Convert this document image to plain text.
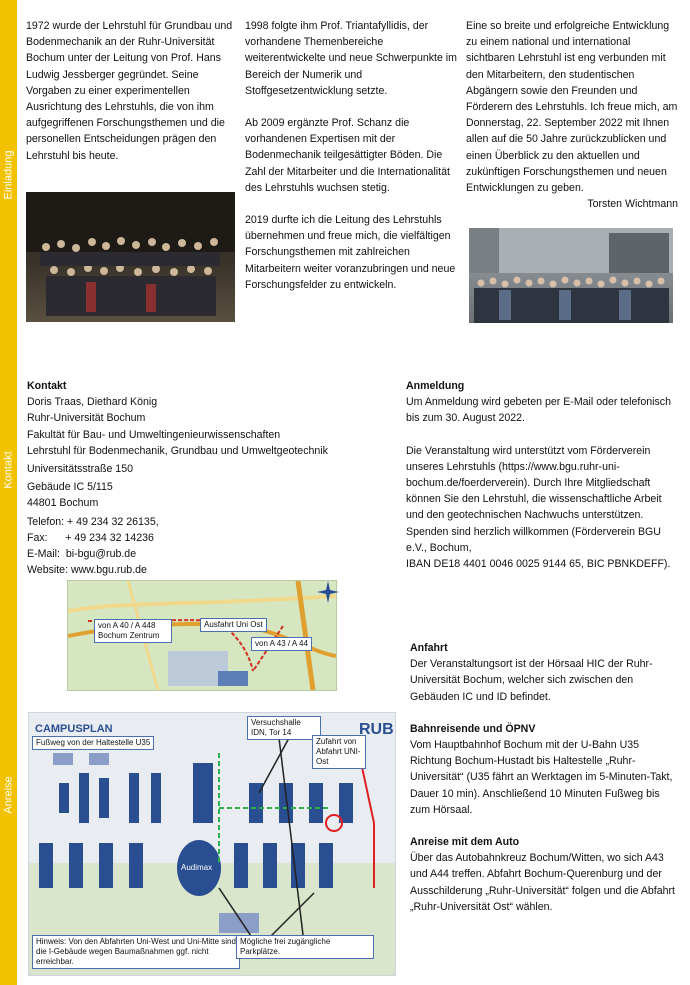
Einladung
Kontakt
Anreise

1972 wurde der Lehrstuhl für Grundbau und Bodenmechanik an der Ruhr-Universität Bochum unter der Leitung von Prof. Hans Ludwig Jessberger gegründet. Seine Vorgaben zu einer experimentellen Ausrichtung des Lehrstuhls, die von ihm aufgegriffenen Forschungsthemen und die personellen Entscheidungen prägen den Lehrstuhl bis heute.

1998 folgte ihm Prof. Triantafyllidis, der vorhandene Themenbereiche weiterentwickelte und neue Schwerpunkte im Bereich der Numerik und Stoffgesetzentwicklung setzte.

Ab 2009 ergänzte Prof. Schanz die vorhandenen Expertisen mit der Bodenmechanik teilgesättigter Böden. Die Zahl der Mitarbeiter und die Internationalität des Lehrstuhls wuchsen stetig.

2019 durfte ich die Leitung des Lehrstuhls übernehmen und freue mich, die vielfältigen Forschungsthemen mit zahlreichen Mitarbeitern weiter voranzubringen und neue Forschungsfelder zu entwickeln.

Eine so breite und erfolgreiche Entwicklung zu einem national und international sichtbaren Lehrstuhl ist eng verbunden mit den Mitarbeitern, den studentischen Abgängern sowie den Freunden und Förderern des Lehrstuhls. Ich freue mich, am Donnerstag, 22. September 2022 mit Ihnen allen auf die 50 Jahre zurückzublicken und einen Überblick zu den aktuellen und zukünftigen Forschungsthemen und neuen Entwicklungen zu geben.
Torsten Wichtmann
Kontakt
Doris Traas, Diethard König
Ruhr-Universität Bochum
Fakultät für Bau- und Umweltingenieurwissenschaften
Lehrstuhl für Bodenmechanik, Grundbau und Umweltgeotechnik
Universitätsstraße 150
Gebäude IC 5/115
44801 Bochum
Telefon: + 49 234 32 26135,
Fax:      + 49 234 32 14236
E-Mail:  bi-bgu@rub.de
Website: www.bgu.rub.de
Anmeldung

Um Anmeldung wird gebeten per E-Mail oder telefonisch bis zum 30. August 2022.

Die Veranstaltung wird unterstützt vom Förderverein unseres Lehrstuhls (https://www.bgu.ruhr-uni-bochum.de/foerderverein). Durch Ihre Mitgliedschaft können Sie den Lehrstuhl, die wissenschaftliche Arbeit und den geotechnischen Nachwuchs unterstützen. Spenden sind herzlich willkommen (Förderverein BGU e.V., Bochum,
IBAN DE18 4401 0046 0025 9144 65, BIC PBNKDEFF).
von A 40 / A 448 Bochum Zentrum
Ausfahrt Uni Ost
von A 43 / A 44
CAMPUSPLAN
Fußweg von der Haltestelle U35
Versuchshalle IDN, Tor 14
Zufahrt von Abfahrt UNI-Ost
RUB
Audimax
Hinweis: Von den Abfahrten Uni-West und Uni-Mitte sind die I-Gebäude wegen Baumaßnahmen ggf. nicht erreichbar.
Mögliche frei zugängliche Parkplätze.
Anfahrt

Der Veranstaltungsort ist der Hörsaal HIC der Ruhr-Universität Bochum, welcher sich zwischen den Gebäuden IC und ID befindet.

Bahnreisende und ÖPNV

Vom Hauptbahnhof Bochum mit der U-Bahn U35 Richtung Bochum-Hustadt bis Haltestelle „Ruhr-Universität“ (U35 fährt an Werktagen im 5-Minuten-Takt, Dauer 10 min). Anschließend 10 Minuten Fußweg bis zum Hörsaal.

Anreise mit dem Auto
Über das Autobahnkreuz Bochum/Witten, wo sich A43 und A44 treffen. Abfahrt Bochum-Querenburg und der Ausschilderung „Ruhr-Universität“ folgen und die Abfahrt „Ruhr-Universität Ost“ wählen.
